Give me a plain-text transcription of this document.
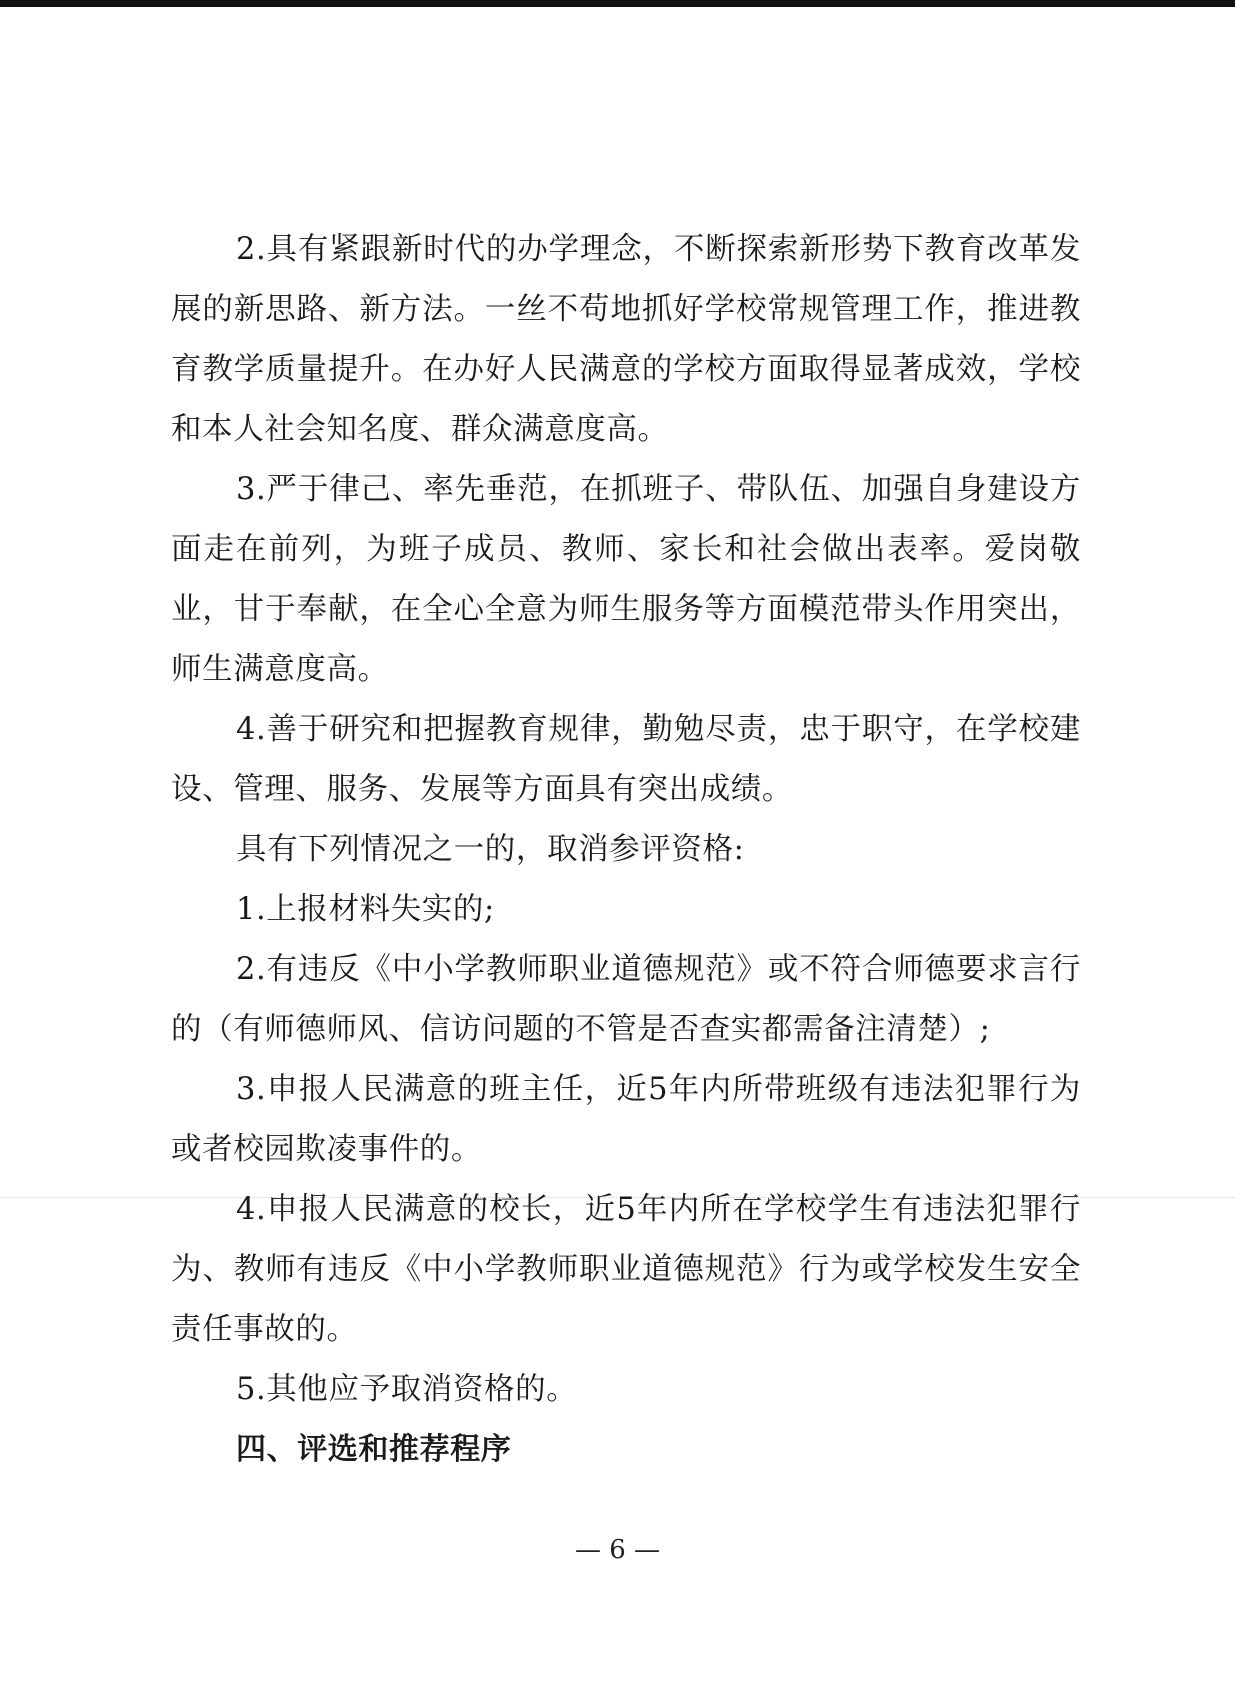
2.具有紧跟新时代的办学理念，不断探索新形势下教育改革发展的新思路、新方法。一丝不苟地抓好学校常规管理工作，推进教育教学质量提升。在办好人民满意的学校方面取得显著成效，学校和本人社会知名度、群众满意度高。

3.严于律己、率先垂范，在抓班子、带队伍、加强自身建设方面走在前列，为班子成员、教师、家长和社会做出表率。爱岗敬业，甘于奉献，在全心全意为师生服务等方面模范带头作用突出，师生满意度高。

4.善于研究和把握教育规律，勤勉尽责，忠于职守，在学校建设、管理、服务、发展等方面具有突出成绩。

具有下列情况之一的，取消参评资格:

1.上报材料失实的;

2.有违反《中小学教师职业道德规范》或不符合师德要求言行的（有师德师风、信访问题的不管是否查实都需备注清楚）;

3.申报人民满意的班主任，近5年内所带班级有违法犯罪行为或者校园欺凌事件的。

4.申报人民满意的校长，近5年内所在学校学生有违法犯罪行为、教师有违反《中小学教师职业道德规范》行为或学校发生安全责任事故的。

5.其他应予取消资格的。

四、评选和推荐程序

— 6 —
